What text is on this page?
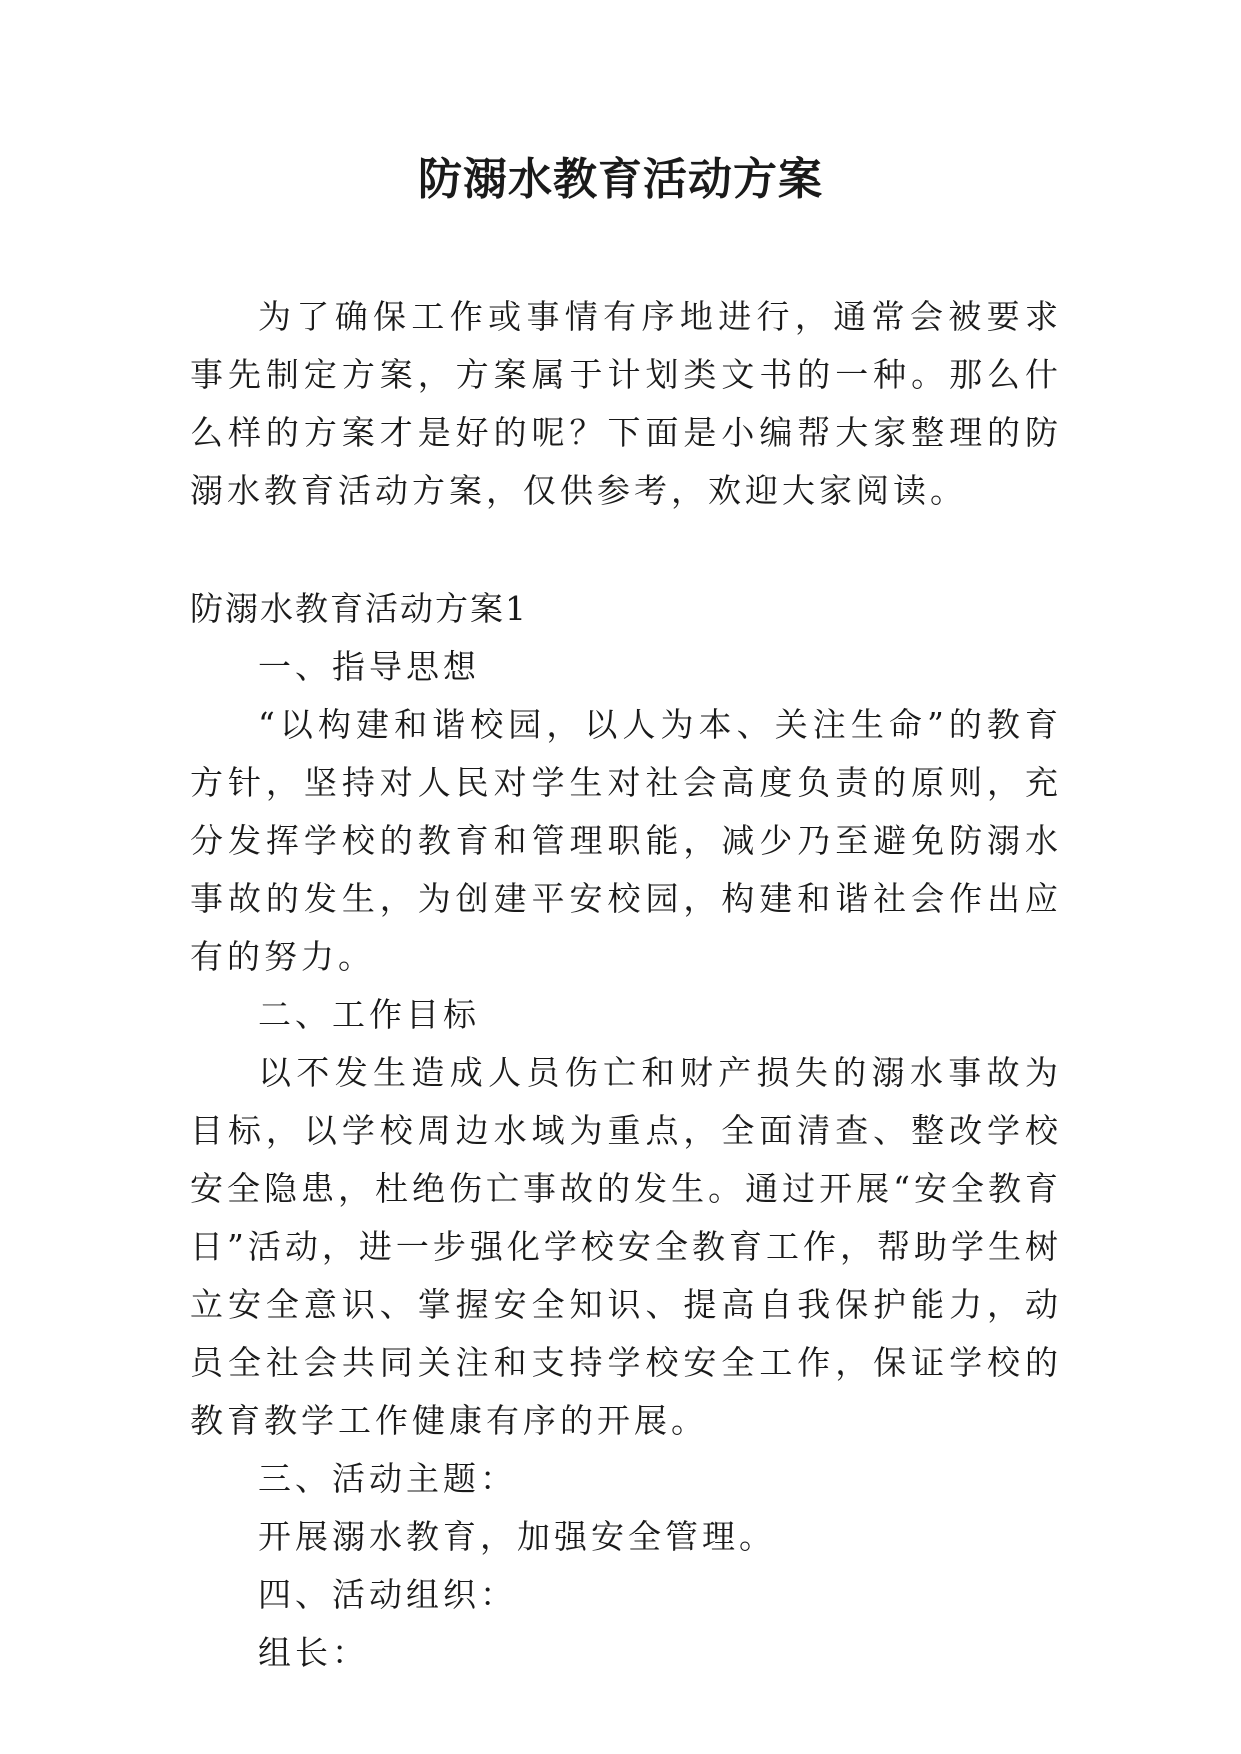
防溺水教育活动方案

为了确保工作或事情有序地进行，通常会被要求事先制定方案，方案属于计划类文书的一种。那么什么样的方案才是好的呢？下面是小编帮大家整理的防溺水教育活动方案，仅供参考，欢迎大家阅读。

防溺水教育活动方案1

一、指导思想

“以构建和谐校园，以人为本、关注生命”的教育方针，坚持对人民对学生对社会高度负责的原则，充分发挥学校的教育和管理职能，减少乃至避免防溺水事故的发生，为创建平安校园，构建和谐社会作出应有的努力。

二、工作目标

以不发生造成人员伤亡和财产损失的溺水事故为目标，以学校周边水域为重点，全面清查、整改学校安全隐患，杜绝伤亡事故的发生。通过开展“安全教育日”活动，进一步强化学校安全教育工作，帮助学生树立安全意识、掌握安全知识、提高自我保护能力，动员全社会共同关注和支持学校安全工作，保证学校的教育教学工作健康有序的开展。

三、活动主题：

开展溺水教育，加强安全管理。

四、活动组织：

组长：
